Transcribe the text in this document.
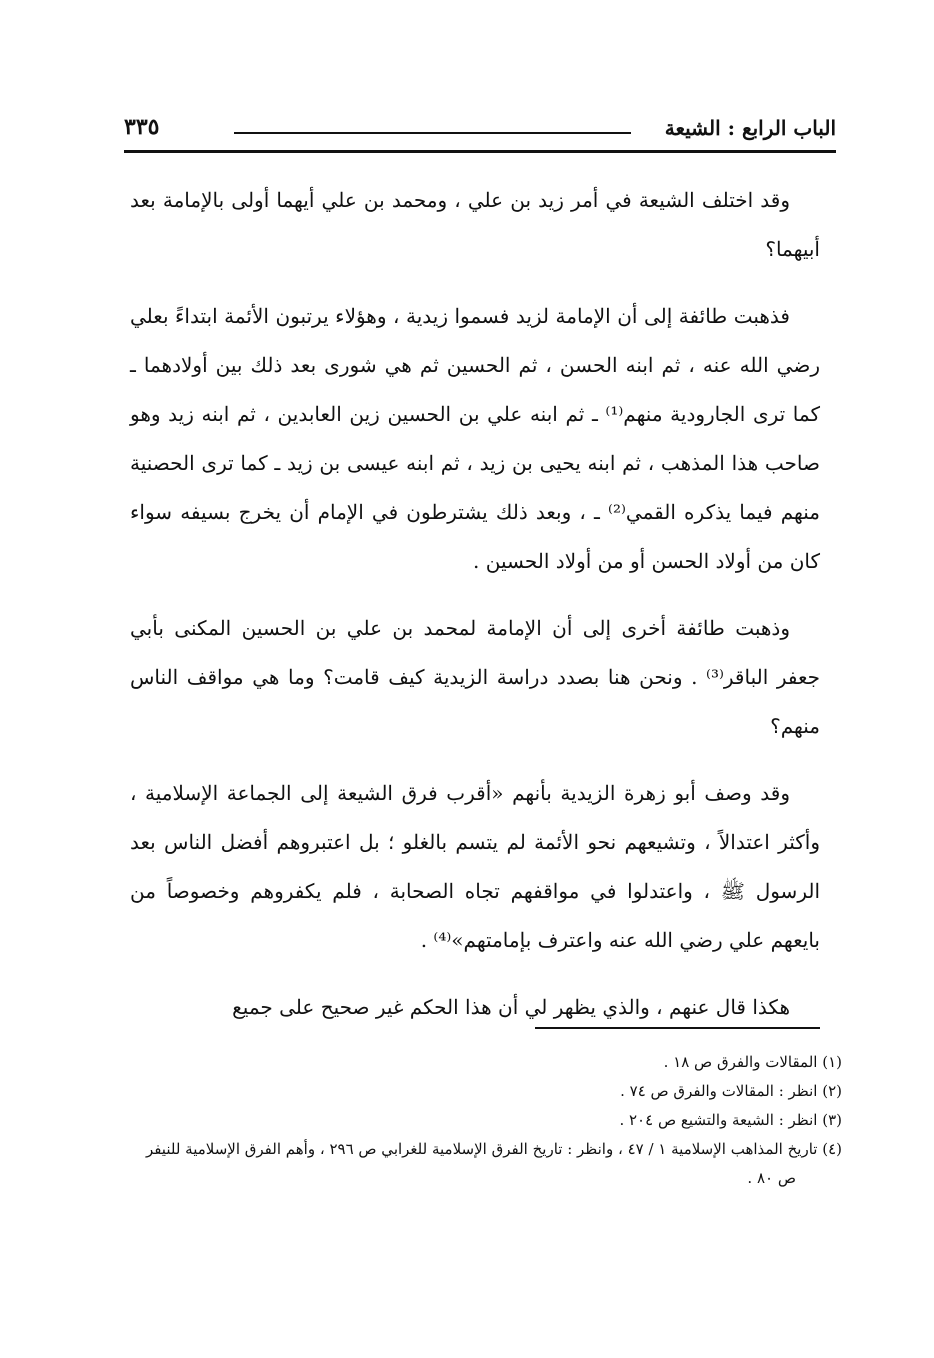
الباب الرابع : الشيعة
٣٣٥

وقد اختلف الشيعة في أمر زيد بن علي ، ومحمد بن علي أيهما أولى بالإمامة بعد أبيهما؟

فذهبت طائفة إلى أن الإمامة لزيد فسموا زيدية ، وهؤلاء يرتبون الأئمة ابتداءً بعلي رضي الله عنه ، ثم ابنه الحسن ، ثم الحسين ثم هي شورى بعد ذلك بين أولادهما ـ كما ترى الجارودية منهم⁽¹⁾ ـ ثم ابنه علي بن الحسين زين العابدين ، ثم ابنه زيد وهو صاحب هذا المذهب ، ثم ابنه يحيى بن زيد ، ثم ابنه عيسى بن زيد ـ كما ترى الحصنية منهم فيما يذكره القمي⁽²⁾ ـ ، وبعد ذلك يشترطون في الإمام أن يخرج بسيفه سواء كان من أولاد الحسن أو من أولاد الحسين .

وذهبت طائفة أخرى إلى أن الإمامة لمحمد بن علي بن الحسين المكنى بأبي جعفر الباقر⁽³⁾ . ونحن هنا بصدد دراسة الزيدية كيف قامت؟ وما هي مواقف الناس منهم؟

وقد وصف أبو زهرة الزيدية بأنهم «أقرب فرق الشيعة إلى الجماعة الإسلامية ، وأكثر اعتدالاً ، وتشيعهم نحو الأئمة لم يتسم بالغلو ؛ بل اعتبروهم أفضل الناس بعد الرسول ﷺ ، واعتدلوا في مواقفهم تجاه الصحابة ، فلم يكفروهم وخصوصاً من بايعهم علي رضي الله عنه واعترف بإمامتهم»⁽⁴⁾ .

هكذا قال عنهم ، والذي يظهر لي أن هذا الحكم غير صحيح على جميع

(١) المقالات والفرق ص ١٨ .
(٢) انظر : المقالات والفرق ص ٧٤ .
(٣) انظر : الشيعة والتشيع ص ٢٠٤ .
(٤) تاريخ المذاهب الإسلامية ١ / ٤٧ ، وانظر : تاريخ الفرق الإسلامية للغرابي ص ٢٩٦ ، وأهم الفرق الإسلامية للنيفر ص ٨٠ .
